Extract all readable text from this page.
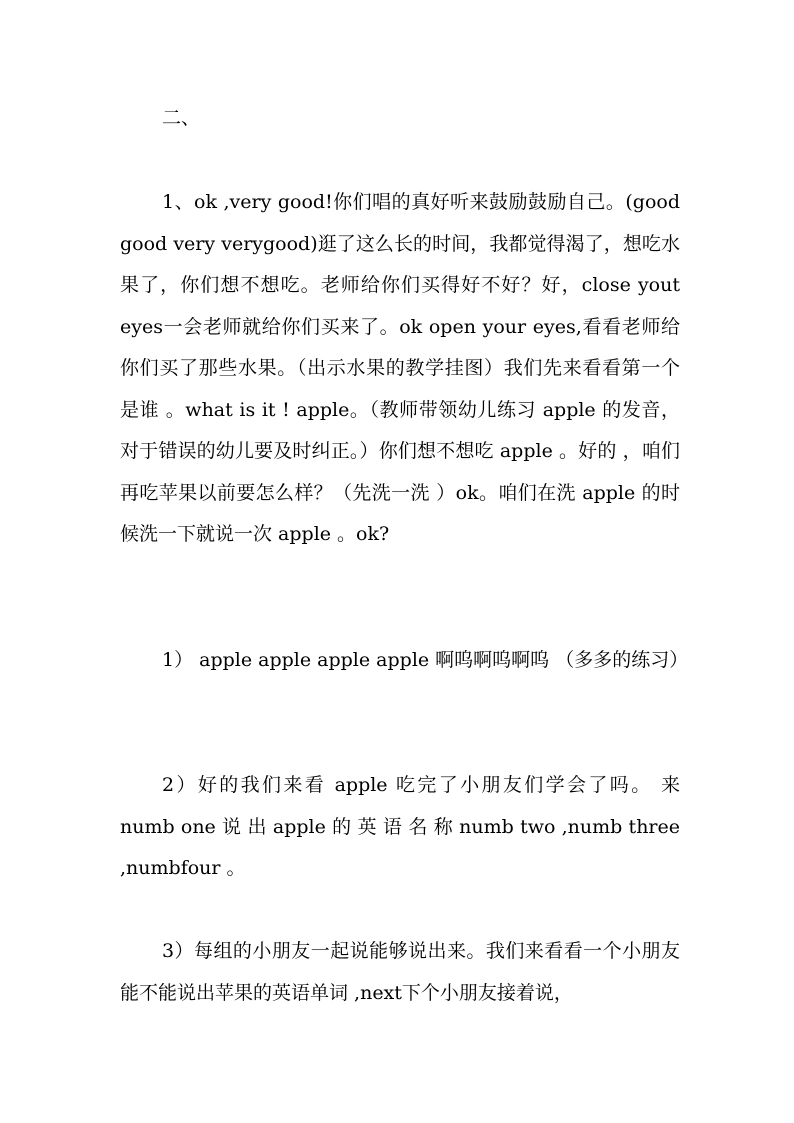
二、

1、ok ,very good!你们唱的真好听来鼓励鼓励自己。(good good very verygood)逛了这么长的时间，我都觉得渴了，想吃水果了，你们想不想吃。老师给你们买得好不好？好，close yout eyes一会老师就给你们买来了。ok open your eyes,看看老师给你们买了那些水果。（出示水果的教学挂图）我们先来看看第一个是谁 。what is it ! apple。（教师带领幼儿练习 apple 的发音，对于错误的幼儿要及时纠正。）你们想不想吃 apple 。好的 ，咱们再吃苹果以前要怎么样？（先洗一洗 ）ok。咱们在洗 apple 的时候洗一下就说一次 apple 。ok?

1） apple apple apple apple 啊呜啊呜啊呜 （多多的练习）

2）好的我们来看 apple 吃完了小朋友们学会了吗。 来 numb one 说 出 apple 的 英 语 名 称 numb two ,numb three ,numbfour 。

3）每组的小朋友一起说能够说出来。我们来看看一个小朋友能不能说出苹果的英语单词 ,next下个小朋友接着说，
